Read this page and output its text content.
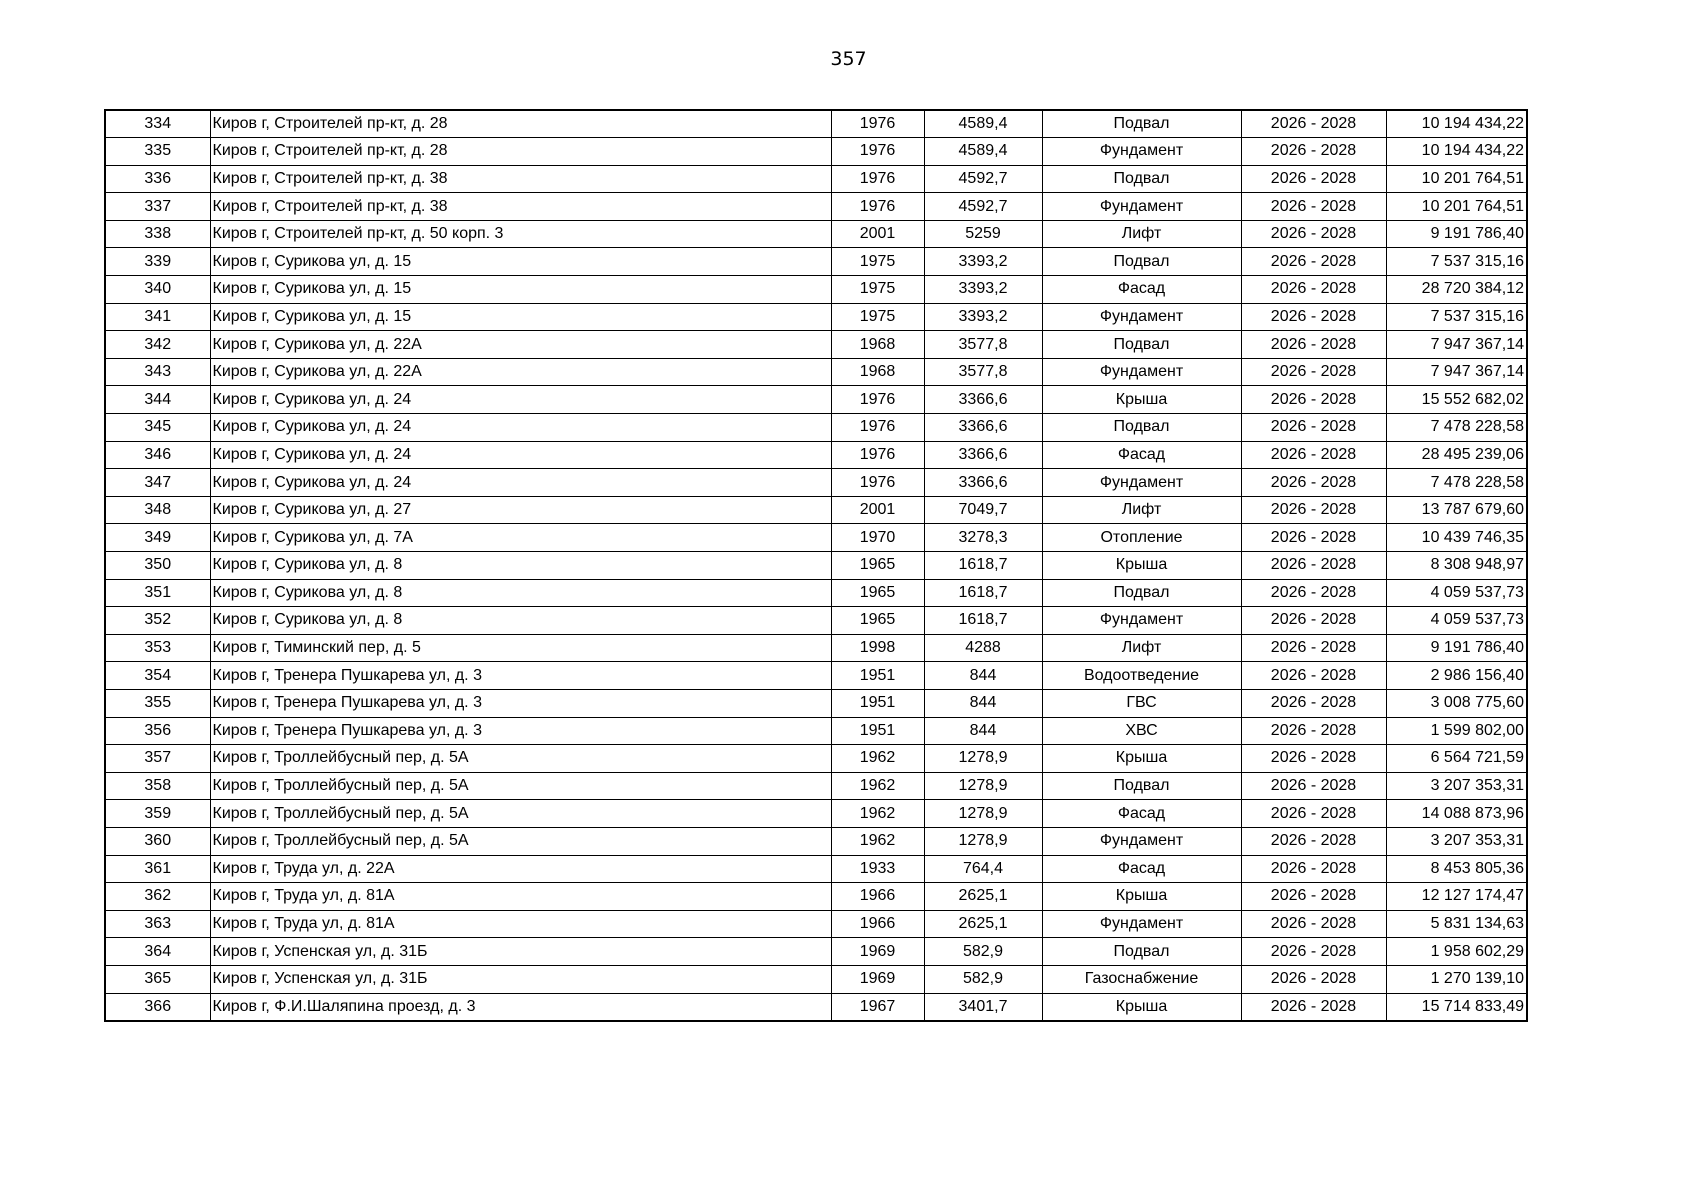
357
334	Киров г, Строителей пр-кт, д. 28	1976	4589,4	Подвал	2026 - 2028	10 194 434,22
335	Киров г, Строителей пр-кт, д. 28	1976	4589,4	Фундамент	2026 - 2028	10 194 434,22
336	Киров г, Строителей пр-кт, д. 38	1976	4592,7	Подвал	2026 - 2028	10 201 764,51
337	Киров г, Строителей пр-кт, д. 38	1976	4592,7	Фундамент	2026 - 2028	10 201 764,51
338	Киров г, Строителей пр-кт, д. 50 корп. 3	2001	5259	Лифт	2026 - 2028	9 191 786,40
339	Киров г, Сурикова ул, д. 15	1975	3393,2	Подвал	2026 - 2028	7 537 315,16
340	Киров г, Сурикова ул, д. 15	1975	3393,2	Фасад	2026 - 2028	28 720 384,12
341	Киров г, Сурикова ул, д. 15	1975	3393,2	Фундамент	2026 - 2028	7 537 315,16
342	Киров г, Сурикова ул, д. 22А	1968	3577,8	Подвал	2026 - 2028	7 947 367,14
343	Киров г, Сурикова ул, д. 22А	1968	3577,8	Фундамент	2026 - 2028	7 947 367,14
344	Киров г, Сурикова ул, д. 24	1976	3366,6	Крыша	2026 - 2028	15 552 682,02
345	Киров г, Сурикова ул, д. 24	1976	3366,6	Подвал	2026 - 2028	7 478 228,58
346	Киров г, Сурикова ул, д. 24	1976	3366,6	Фасад	2026 - 2028	28 495 239,06
347	Киров г, Сурикова ул, д. 24	1976	3366,6	Фундамент	2026 - 2028	7 478 228,58
348	Киров г, Сурикова ул, д. 27	2001	7049,7	Лифт	2026 - 2028	13 787 679,60
349	Киров г, Сурикова ул, д. 7А	1970	3278,3	Отопление	2026 - 2028	10 439 746,35
350	Киров г, Сурикова ул, д. 8	1965	1618,7	Крыша	2026 - 2028	8 308 948,97
351	Киров г, Сурикова ул, д. 8	1965	1618,7	Подвал	2026 - 2028	4 059 537,73
352	Киров г, Сурикова ул, д. 8	1965	1618,7	Фундамент	2026 - 2028	4 059 537,73
353	Киров г, Тиминский пер, д. 5	1998	4288	Лифт	2026 - 2028	9 191 786,40
354	Киров г, Тренера Пушкарева ул, д. 3	1951	844	Водоотведение	2026 - 2028	2 986 156,40
355	Киров г, Тренера Пушкарева ул, д. 3	1951	844	ГВС	2026 - 2028	3 008 775,60
356	Киров г, Тренера Пушкарева ул, д. 3	1951	844	ХВС	2026 - 2028	1 599 802,00
357	Киров г, Троллейбусный пер, д. 5А	1962	1278,9	Крыша	2026 - 2028	6 564 721,59
358	Киров г, Троллейбусный пер, д. 5А	1962	1278,9	Подвал	2026 - 2028	3 207 353,31
359	Киров г, Троллейбусный пер, д. 5А	1962	1278,9	Фасад	2026 - 2028	14 088 873,96
360	Киров г, Троллейбусный пер, д. 5А	1962	1278,9	Фундамент	2026 - 2028	3 207 353,31
361	Киров г, Труда ул, д. 22А	1933	764,4	Фасад	2026 - 2028	8 453 805,36
362	Киров г, Труда ул, д. 81А	1966	2625,1	Крыша	2026 - 2028	12 127 174,47
363	Киров г, Труда ул, д. 81А	1966	2625,1	Фундамент	2026 - 2028	5 831 134,63
364	Киров г, Успенская ул, д. 31Б	1969	582,9	Подвал	2026 - 2028	1 958 602,29
365	Киров г, Успенская ул, д. 31Б	1969	582,9	Газоснабжение	2026 - 2028	1 270 139,10
366	Киров г, Ф.И.Шаляпина проезд, д. 3	1967	3401,7	Крыша	2026 - 2028	15 714 833,49
